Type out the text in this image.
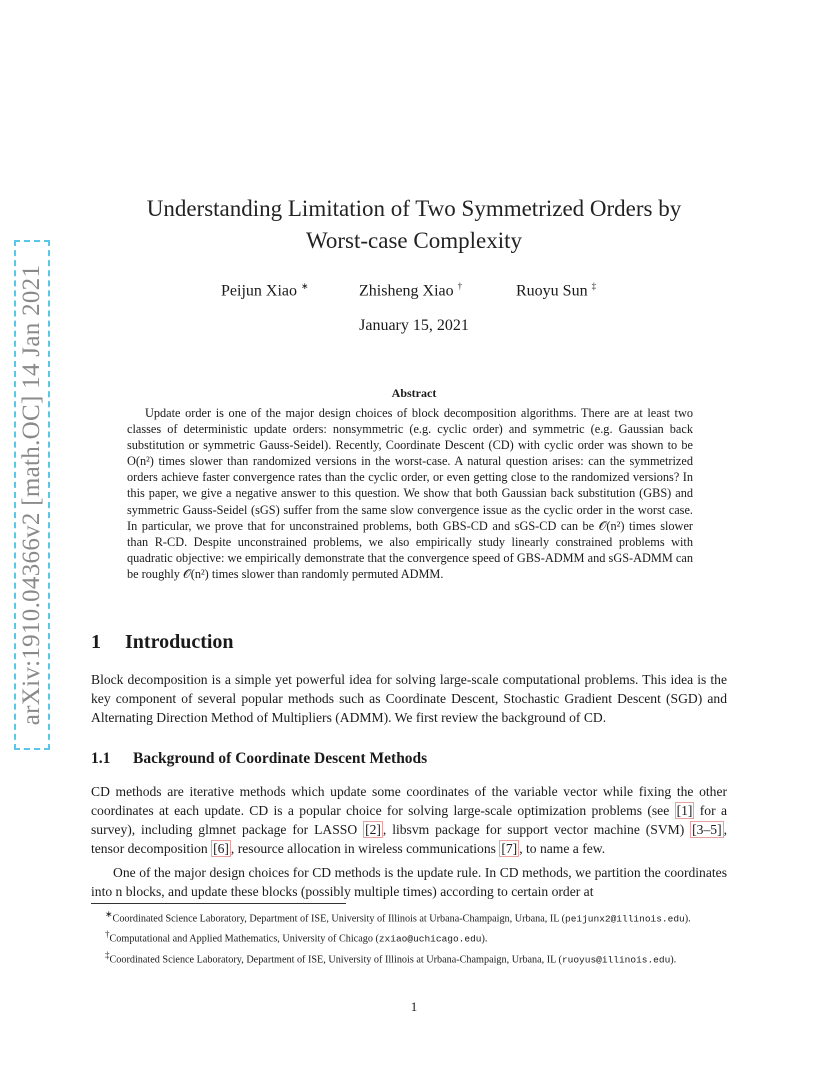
arXiv:1910.04366v2 [math.OC] 14 Jan 2021
Understanding Limitation of Two Symmetrized Orders by
Worst-case Complexity
Peijun Xiao ∗	Zhisheng Xiao †	Ruoyu Sun ‡
January 15, 2021
Abstract

Update order is one of the major design choices of block decomposition algorithms. There are at least two classes of deterministic update orders: nonsymmetric (e.g. cyclic order) and symmetric (e.g. Gaussian back substitution or symmetric Gauss-Seidel). Recently, Coordinate Descent (CD) with cyclic order was shown to be O(n²) times slower than randomized versions in the worst-case. A natural question arises: can the symmetrized orders achieve faster convergence rates than the cyclic order, or even getting close to the randomized versions? In this paper, we give a negative answer to this question. We show that both Gaussian back substitution (GBS) and symmetric Gauss-Seidel (sGS) suffer from the same slow convergence issue as the cyclic order in the worst case. In particular, we prove that for unconstrained problems, both GBS-CD and sGS-CD can be 𝒪(n²) times slower than R-CD. Despite unconstrained problems, we also empirically study linearly constrained problems with quadratic objective: we empirically demonstrate that the convergence speed of GBS-ADMM and sGS-ADMM can be roughly 𝒪(n²) times slower than randomly permuted ADMM.

1 Introduction

Block decomposition is a simple yet powerful idea for solving large-scale computational problems. This idea is the key component of several popular methods such as Coordinate Descent, Stochastic Gradient Descent (SGD) and Alternating Direction Method of Multipliers (ADMM). We first review the background of CD.

1.1 Background of Coordinate Descent Methods

CD methods are iterative methods which update some coordinates of the variable vector while fixing the other coordinates at each update. CD is a popular choice for solving large-scale optimization problems (see [1] for a survey), including glmnet package for LASSO [2] , libsvm package for support vector machine (SVM) [3–5] , tensor decomposition [6] , resource allocation in wireless communications [7] , to name a few.

One of the major design choices for CD methods is the update rule. In CD methods, we partition the coordinates into n blocks, and update these blocks (possibly multiple times) according to certain order at

∗Coordinated Science Laboratory, Department of ISE, University of Illinois at Urbana-Champaign, Urbana, IL (peijunx2@illinois.edu).

†Computational and Applied Mathematics, University of Chicago (zxiao@uchicago.edu).

‡Coordinated Science Laboratory, Department of ISE, University of Illinois at Urbana-Champaign, Urbana, IL (ruoyus@illinois.edu).

1
